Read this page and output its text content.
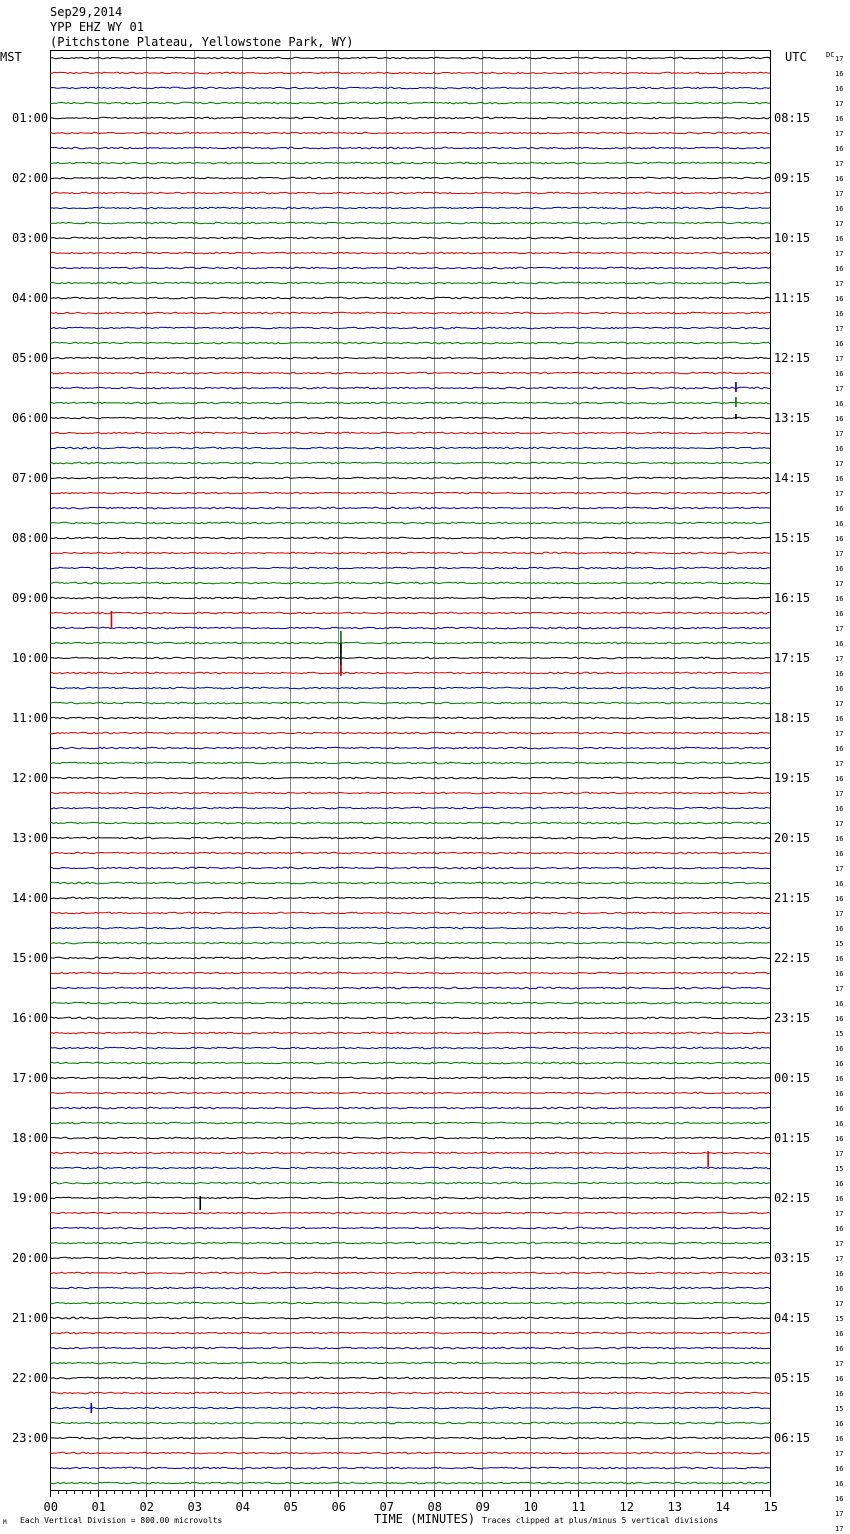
Sep29,2014
YPP EHZ WY 01
(Pitchstone Plateau, Yellowstone Park, WY)
MST	UTC	DC
01:00
02:00
03:00
04:00
05:00
06:00
07:00
08:00
09:00
10:00
11:00
12:00
13:00
14:00
15:00
16:00
17:00
18:00
19:00
20:00
21:00
22:00
23:00
08:15
09:15
10:15
11:15
12:15
13:15
14:15
15:15
16:15
17:15
18:15
19:15
20:15
21:15
22:15
23:15
00:15
01:15
02:15
03:15
04:15
05:15
06:15
17
16
16
17
16
17
16
17
16
17
16
17
16
17
16
17
16
16
17
16
17
16
17
16
16
17
16
17
16
17
16
16
16
17
16
17
16
16
17
16
17
16
16
17
16
17
16
17
16
17
16
17
16
16
17
16
16
17
16
15
16
16
17
16
16
15
16
16
16
16
16
16
16
17
15
16
16
17
16
17
17
16
16
17
15
16
16
17
16
16
15
16
16
17
16
16
16
17
17
00	01	02	03	04	05	06	07	08	09	10	11	12	13	14	15
M Each Vertical Division = 800.00 microvolts	TIME (MINUTES) Traces clipped at plus/minus 5 vertical divisions
